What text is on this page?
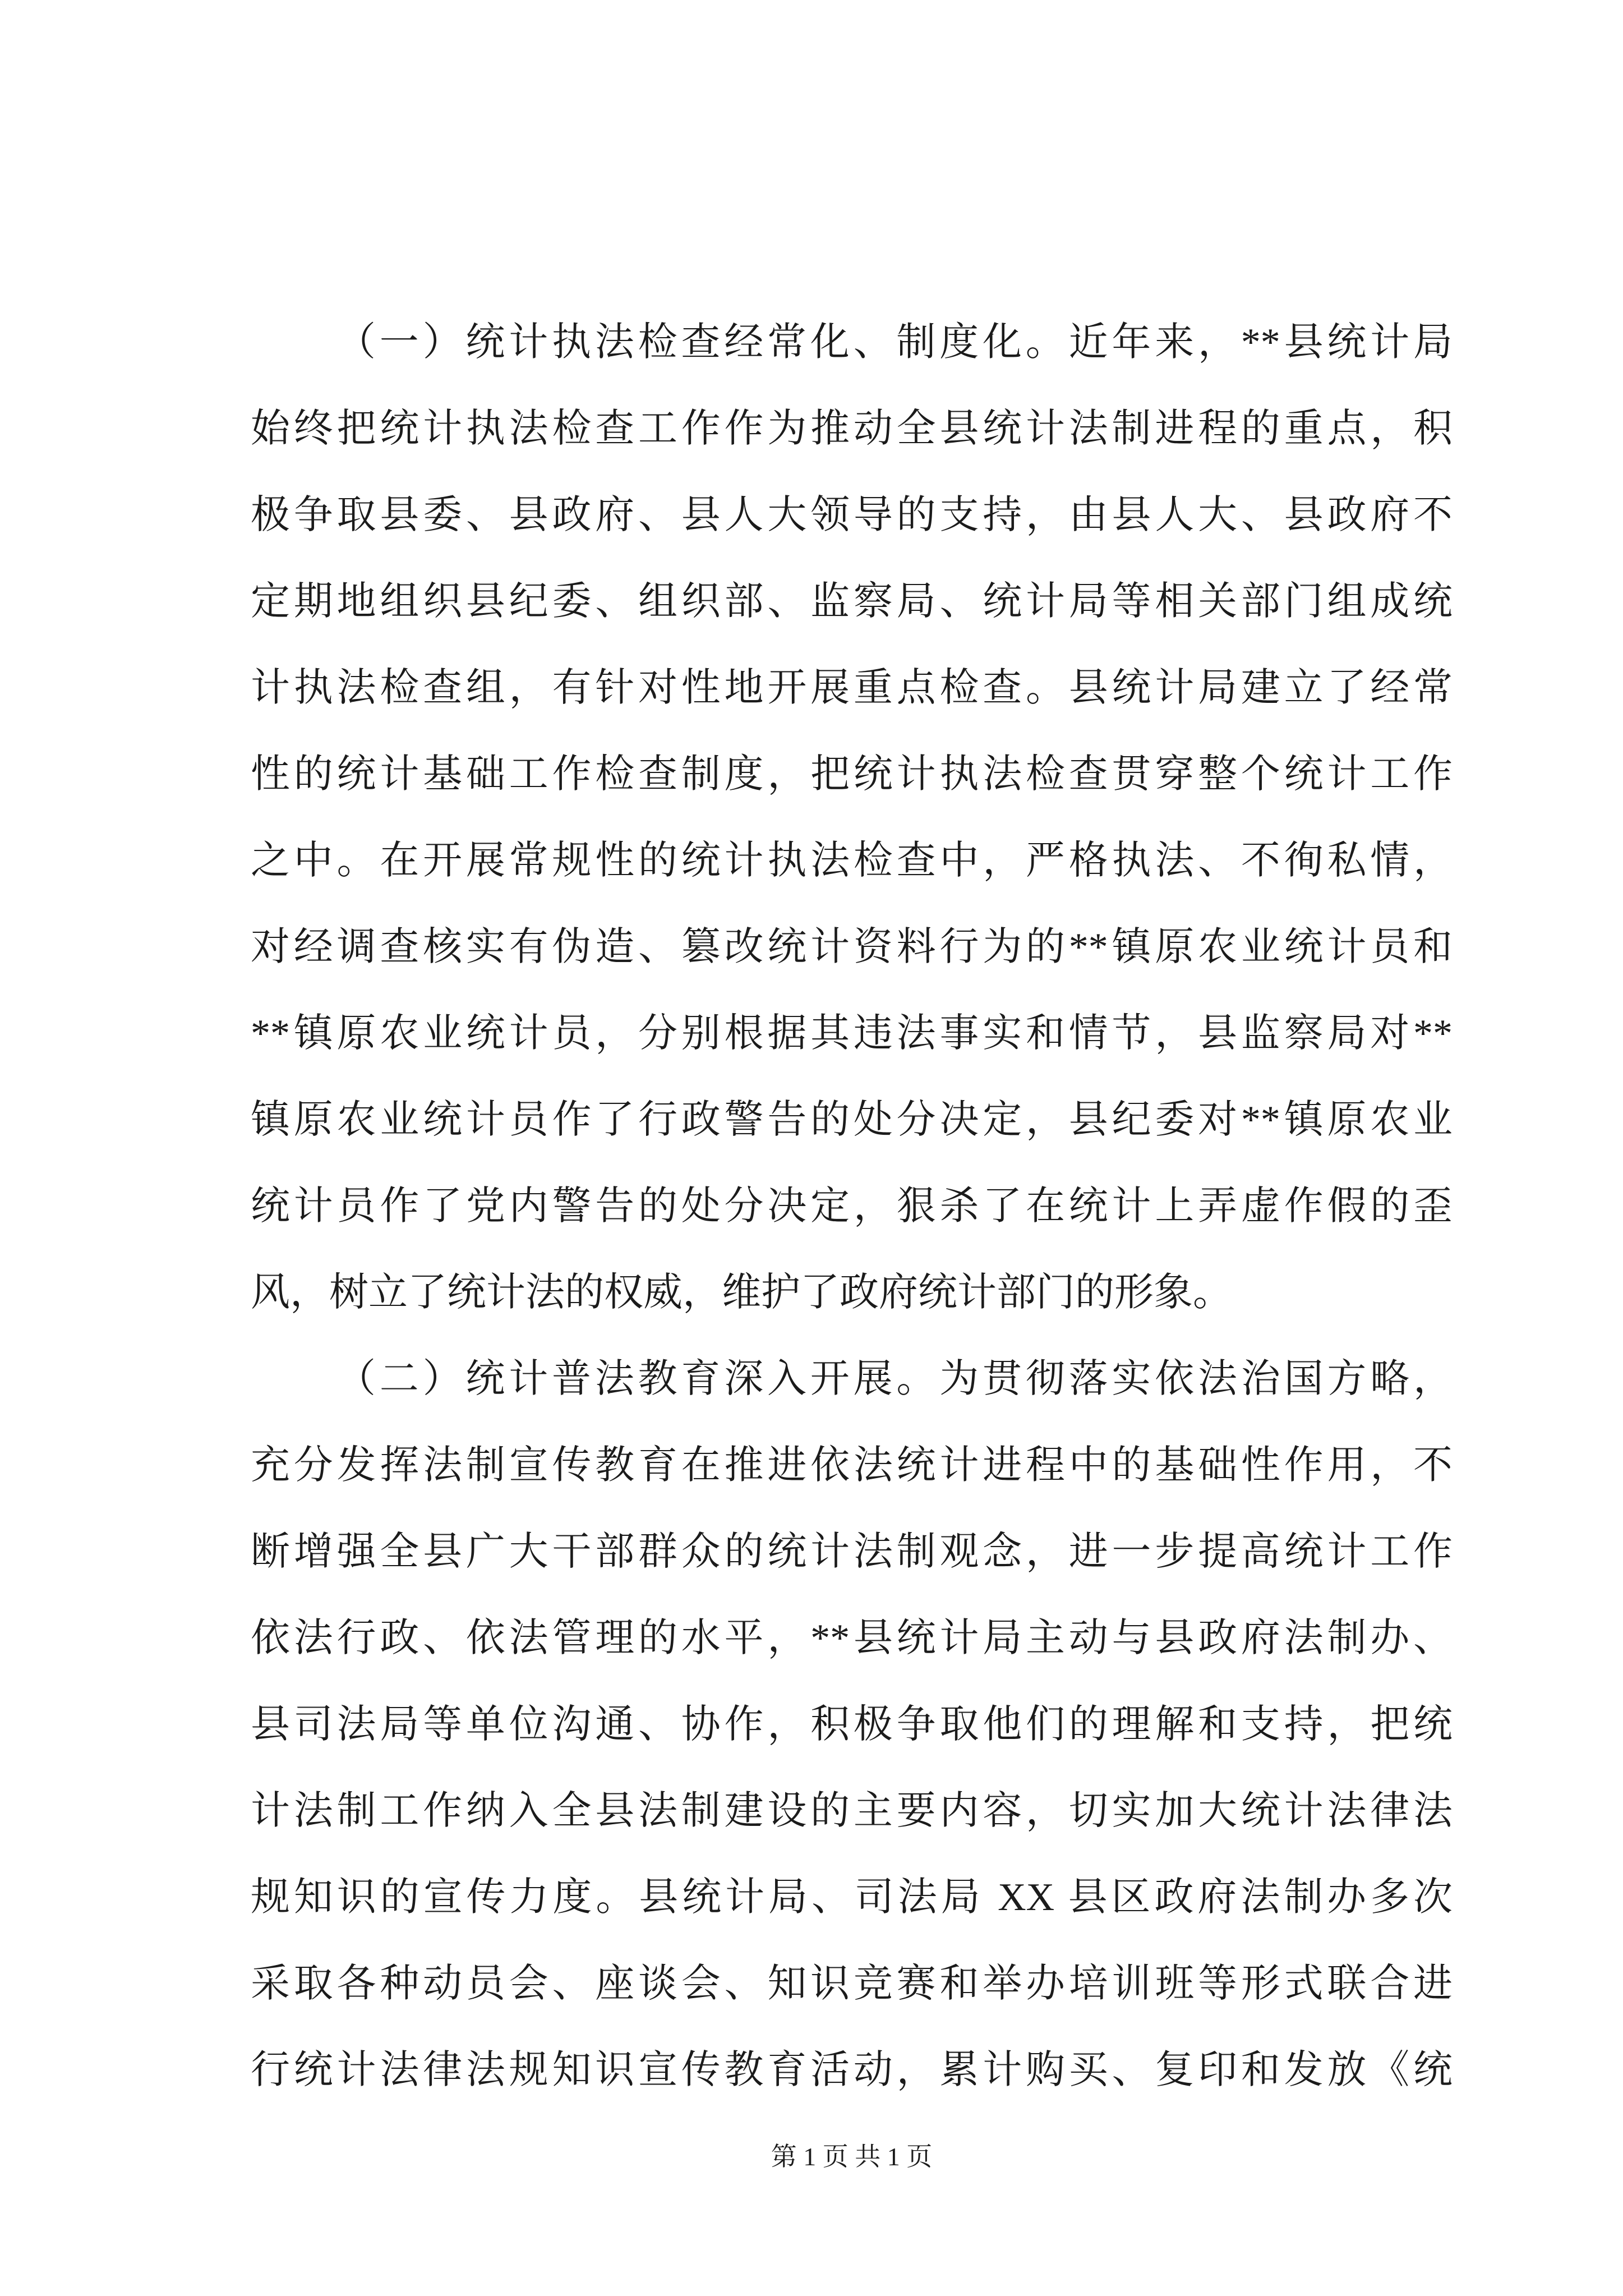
（一）统计执法检查经常化、制度化。近年来，**县统计局
始终把统计执法检查工作作为推动全县统计法制进程的重点，积
极争取县委、县政府、县人大领导的支持，由县人大、县政府不
定期地组织县纪委、组织部、监察局、统计局等相关部门组成统
计执法检查组，有针对性地开展重点检查。县统计局建立了经常
性的统计基础工作检查制度，把统计执法检查贯穿整个统计工作
之中。在开展常规性的统计执法检查中，严格执法、不徇私情，
对经调查核实有伪造、篡改统计资料行为的**镇原农业统计员和
**镇原农业统计员，分别根据其违法事实和情节，县监察局对**
镇原农业统计员作了行政警告的处分决定，县纪委对**镇原农业
统计员作了党内警告的处分决定，狠杀了在统计上弄虚作假的歪
风，树立了统计法的权威，维护了政府统计部门的形象。
（二）统计普法教育深入开展。为贯彻落实依法治国方略，
充分发挥法制宣传教育在推进依法统计进程中的基础性作用，不
断增强全县广大干部群众的统计法制观念，进一步提高统计工作
依法行政、依法管理的水平，**县统计局主动与县政府法制办、
县司法局等单位沟通、协作，积极争取他们的理解和支持，把统
计法制工作纳入全县法制建设的主要内容，切实加大统计法律法
规知识的宣传力度。县统计局、司法局 XX 县区政府法制办多次
采取各种动员会、座谈会、知识竞赛和举办培训班等形式联合进
行统计法律法规知识宣传教育活动，累计购买、复印和发放《统
第 1 页 共 1 页
